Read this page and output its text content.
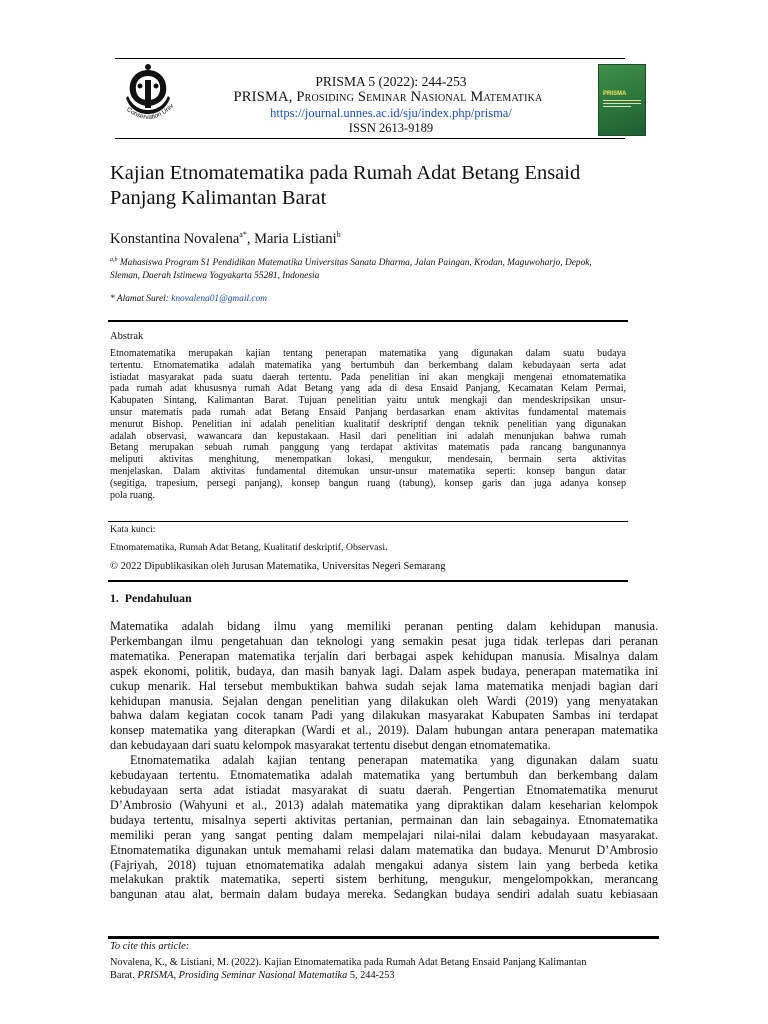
Conservation Univ
PRISMA 5 (2022): 244-253
PRISMA, Prosiding Seminar Nasional Matematika
https://journal.unnes.ac.id/sju/index.php/prisma/
ISSN 2613-9189
PRISMA
Kajian Etnomatematika pada Rumah Adat Betang Ensaid
Panjang Kalimantan Barat
Konstantina Novalena$^{a*}$, Maria Listiani$^b$
$^{a,b}$ Mahasiswa Program S1 Pendidikan Matematika Universitas Sanata Dharma, Jalan Paingan, Krodan, Maguwoharjo, Depok,
Sleman, Daerah Istimewa Yogyakarta 55281, Indonesia
* Alamat Surel: knovalena01@gmail.com
Abstrak
Etnomatematika merupakan kajian tentang penerapan matematika yang digunakan dalam suatu budaya
tertentu. Etnomatematika adalah matematika yang bertumbuh dan berkembang dalam kebudayaan serta adat
istiadat masyarakat pada suatu daerah tertentu. Pada penelitian ini akan mengkaji mengenai etnomatematika
pada rumah adat khususnya rumah Adat Betang yang ada di desa Ensaid Panjang, Kecamatan Kelam Permai,
Kabupaten Sintang, Kalimantan Barat. Tujuan penelitian yaitu untuk mengkaji dan mendeskripsikan unsur-
unsur matematis pada rumah adat Betang Ensaid Panjang berdasarkan enam aktivitas fundamental matemais
menurut Bishop. Penelitian ini adalah penelitian kualitatif deskriptif dengan teknik penelitian yang digunakan
adalah observasi, wawancara dan kepustakaan. Hasil dari penelitian ini adalah menunjukan bahwa rumah
Betang merupakan sebuah rumah panggung yang terdapat aktivitas matematis pada rancang bangunannya
meliputi aktivitas menghitung, menempatkan lokasi, mengukur, mendesain, bermain serta aktivitas
menjelaskan. Dalam aktivitas fundamental ditemukan unsur-unsur matematika seperti: konsep bangun datar
(segitiga, trapesium, persegi panjang), konsep bangun ruang (tabung), konsep garis dan juga adanya konsep
pola ruang.
Kata kunci:
Etnomatematika, Rumah Adat Betang, Kualitatif deskriptif, Observasi.
© 2022 Dipublikasikan oleh Jurusan Matematika, Universitas Negeri Semarang
1.  Pendahuluan
Matematika adalah bidang ilmu yang memiliki peranan penting dalam kehidupan manusia.
Perkembangan ilmu pengetahuan dan teknologi yang semakin pesat juga tidak terlepas dari peranan
matematika. Penerapan matematika terjalin dari berbagai aspek kehidupan manusia. Misalnya dalam
aspek ekonomi, politik, budaya, dan masih banyak lagi. Dalam aspek budaya, penerapan matematika ini
cukup menarik. Hal tersebut membuktikan bahwa sudah sejak lama matematika menjadi bagian dari
kehidupan manusia. Sejalan dengan penelitian yang dilakukan oleh Wardi (2019) yang menyatakan
bahwa dalam kegiatan cocok tanam Padi yang dilakukan masyarakat Kabupaten Sambas ini terdapat
konsep matematika yang diterapkan (Wardi et al., 2019). Dalam hubungan antara penerapan matematika
dan kebudayaan dari suatu kelompok masyarakat tertentu disebut dengan etnomatematika.
Etnomatematika adalah kajian tentang penerapan matematika yang digunakan dalam suatu
kebudayaan tertentu. Etnomatematika adalah matematika yang bertumbuh dan berkembang dalam
kebudayaan serta adat istiadat masyarakat di suatu daerah. Pengertian Etnomatematika menurut
D’Ambrosio (Wahyuni et al., 2013) adalah matematika yang dipraktikan dalam keseharian kelompok
budaya tertentu, misalnya seperti aktivitas pertanian, permainan dan lain sebagainya. Etnomatematika
memiliki peran yang sangat penting dalam mempelajari nilai-nilai dalam kebudayaan masyarakat.
Etnomatematika digunakan untuk memahami relasi dalam matematika dan budaya. Menurut D’Ambrosio
(Fajriyah, 2018) tujuan etnomatematika adalah mengakui adanya sistem lain yang berbeda ketika
melakukan praktik matematika, seperti sistem berhitung, mengukur, mengelompokkan, merancang
bangunan atau alat, bermain dalam budaya mereka. Sedangkan budaya sendiri adalah suatu kebiasaan
To cite this article:
Novalena, K., & Listiani, M. (2022). Kajian Etnomatematika pada Rumah Adat Betang Ensaid Panjang Kalimantan
Barat. PRISMA, Prosiding Seminar Nasional Matematika 5, 244-253
